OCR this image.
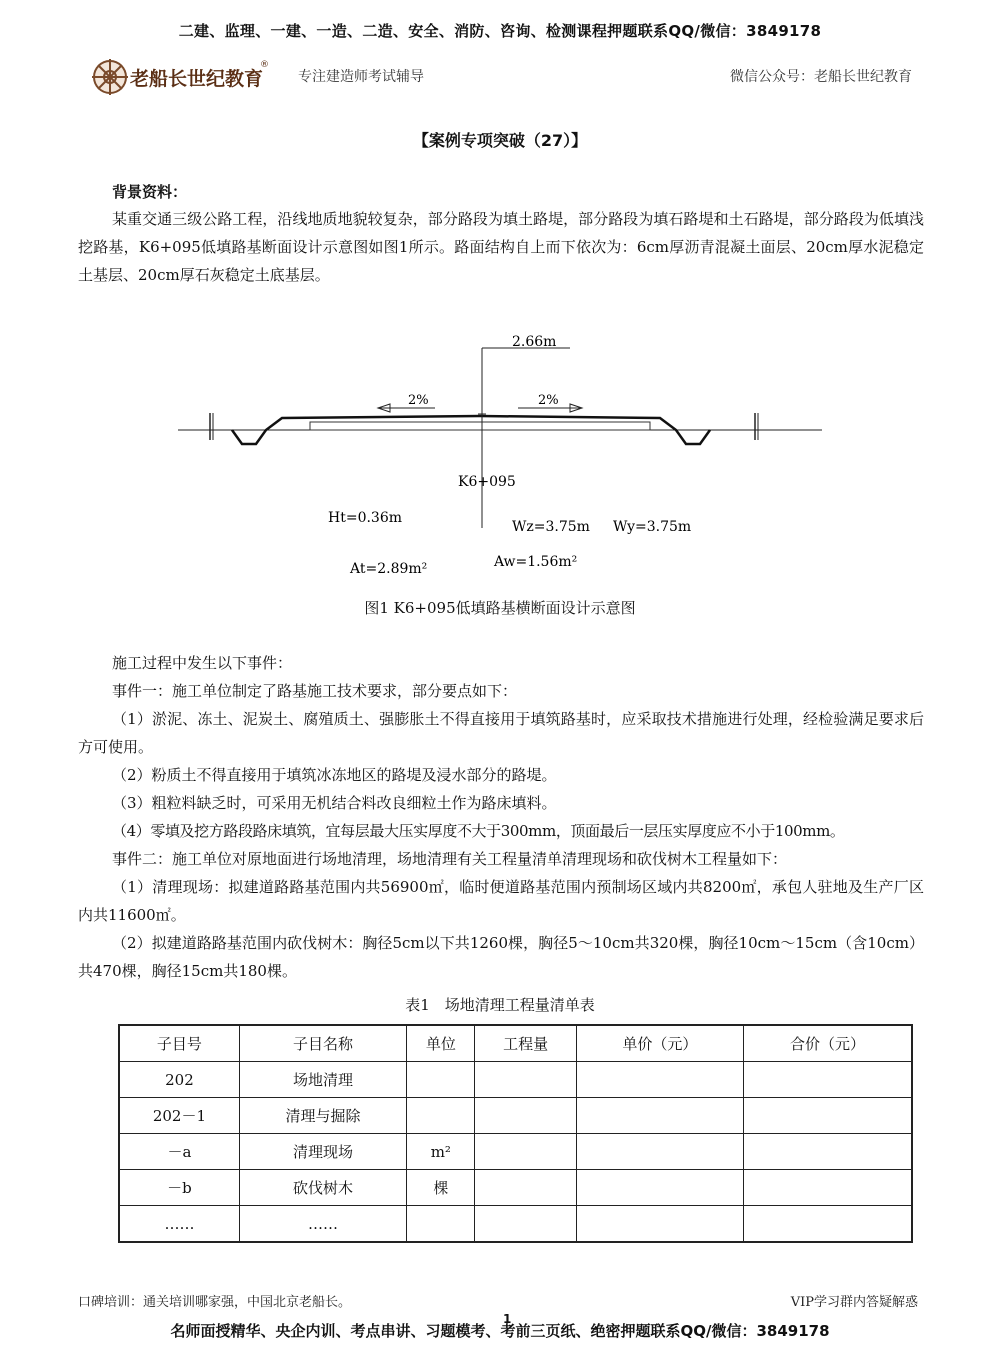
二建、监理、一建、一造、二造、安全、消防、咨询、检测课程押题联系QQ/微信：3849178
老船长世纪教育
®
专注建造师考试辅导	微信公众号：老船长世纪教育
【案例专项突破（27）】
背景资料：
某重交通三级公路工程，沿线地质地貌较复杂，部分路段为填土路堤，部分路段为填石路堤和土石路堤，部分路段为低填浅挖路基，K6+095低填路基断面设计示意图如图1所示。路面结构自上而下依次为：6cm厚沥青混凝土面层、20cm厚水泥稳定土基层、20cm厚石灰稳定土底基层。
2.66m
2%	2%
K6+095
Ht=0.36m
Wz=3.75m Wy=3.75m
At=2.89m²	Aw=1.56m²
图1 K6+095低填路基横断面设计示意图
施工过程中发生以下事件：
事件一：施工单位制定了路基施工技术要求，部分要点如下：
（1）淤泥、冻土、泥炭土、腐殖质土、强膨胀土不得直接用于填筑路基时，应采取技术措施进行处理，经检验满足要求后方可使用。
（2）粉质土不得直接用于填筑冰冻地区的路堤及浸水部分的路堤。
（3）粗粒料缺乏时，可采用无机结合料改良细粒土作为路床填料。
（4）零填及挖方路段路床填筑，宜每层最大压实厚度不大于300mm，顶面最后一层压实厚度应不小于100mm。
事件二：施工单位对原地面进行场地清理，场地清理有关工程量清单清理现场和砍伐树木工程量如下：
（1）清理现场：拟建道路路基范围内共56900㎡，临时便道路基范围内预制场区域内共8200㎡，承包人驻地及生产厂区内共11600㎡。
（2）拟建道路路基范围内砍伐树木：胸径5cm以下共1260棵，胸径5～10cm共320棵，胸径10cm～15cm（含10cm）共470棵，胸径15cm共180棵。
表1　场地清理工程量清单表
子目号	子目名称	单位	工程量	单价（元）	合价（元）
202	场地清理				
202－1	清理与掘除				
－a	清理现场	m²			
－b	砍伐树木	棵			
……	……				
口碑培训：通关培训哪家强，中国北京老船长。	VIP学习群内答疑解惑
1
名师面授精华、央企内训、考点串讲、习题模考、考前三页纸、绝密押题联系QQ/微信：3849178
